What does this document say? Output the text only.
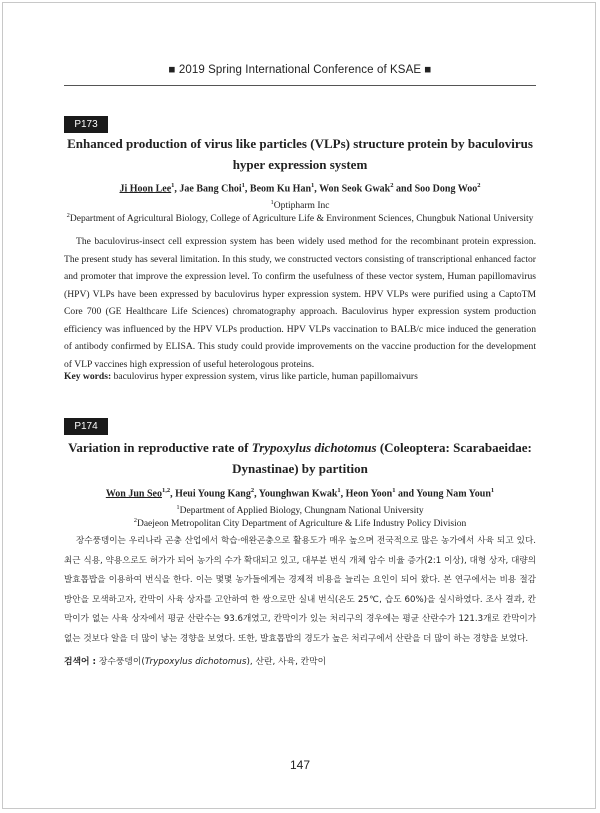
■ 2019 Spring International Conference of KSAE ■
P173
Enhanced production of virus like particles (VLPs) structure protein by baculovirus hyper expression system
Ji Hoon Lee$^1$, Jae Bang Choi$^1$, Beom Ku Han$^1$, Won Seok Gwak$^2$ and Soo Dong Woo$^2$
$^1$Optipharm Inc
$^2$Department of Agricultural Biology, College of Agriculture Life & Environment Sciences, Chungbuk National University
The baculovirus-insect cell expression system has been widely used method for the recombinant protein expression. The present study has several limitation. In this study, we constructed vectors consisting of transcriptional enhanced factor and promoter that improve the expression level. To confirm the usefulness of these vector system, Human papillomavirus (HPV) VLPs have been expressed by baculovirus hyper expression system. HPV VLPs were purified using a CaptoTM Core 700 (GE Healthcare Life Sciences) chromatography approach. Baculovirus hyper expression system production efficiency was influenced by the HPV VLPs production. HPV VLPs vaccination to BALB/c mice induced the generation of antibody confirmed by ELISA. This study could provide improvements on the vaccine production for the development of VLP vaccines high expression of useful heterologous proteins.
Key words: baculovirus hyper expression system, virus like particle, human papillomaivurs
P174
Variation in reproductive rate of Trypoxylus dichotomus (Coleoptera: Scarabaeidae: Dynastinae) by partition
Won Jun Seo$^{1,2}$, Heui Young Kang$^2$, Younghwan Kwak$^1$, Heon Yoon$^1$ and Young Nam Youn$^1$
$^1$Department of Applied Biology, Chungnam National University
$^2$Daejeon Metropolitan City Department of Agriculture & Life Industry Policy Division
장수풍뎅이는 우리나라 곤충 산업에서 학습·애완곤충으로 활용도가 매우 높으며 전국적으로 많은 농가에서 사육 되고 있다. 최근 식용, 약용으로도 허가가 되어 농가의 수가 확대되고 있고, 대부분 번식 개체 암수 비율 증가(2:1 이상), 대형 상자, 대량의 발효톱밥을 이용하여 번식을 한다. 이는 몇몇 농가들에게는 경제적 비용을 늘리는 요인이 되어 왔다. 본 연구에서는 비용 절감 방안을 모색하고자, 칸막이 사육 상자를 고안하여 한 쌍으로만 실내 번식(온도 25℃, 습도 60%)을 실시하였다. 조사 결과, 칸막이가 없는 사육 상자에서 평균 산란수는 93.6개였고, 칸막이가 있는 처리구의 경우에는 평균 산란수가 121.3개로 칸막이가 없는 것보다 알을 더 많이 낳는 경향을 보였다. 또한, 발효톱밥의 경도가 높은 처리구에서 산란을 더 많이 하는 경향을 보였다.
검색어 : 장수풍뎅이(Trypoxylus dichotomus), 산란, 사육, 칸막이
147
